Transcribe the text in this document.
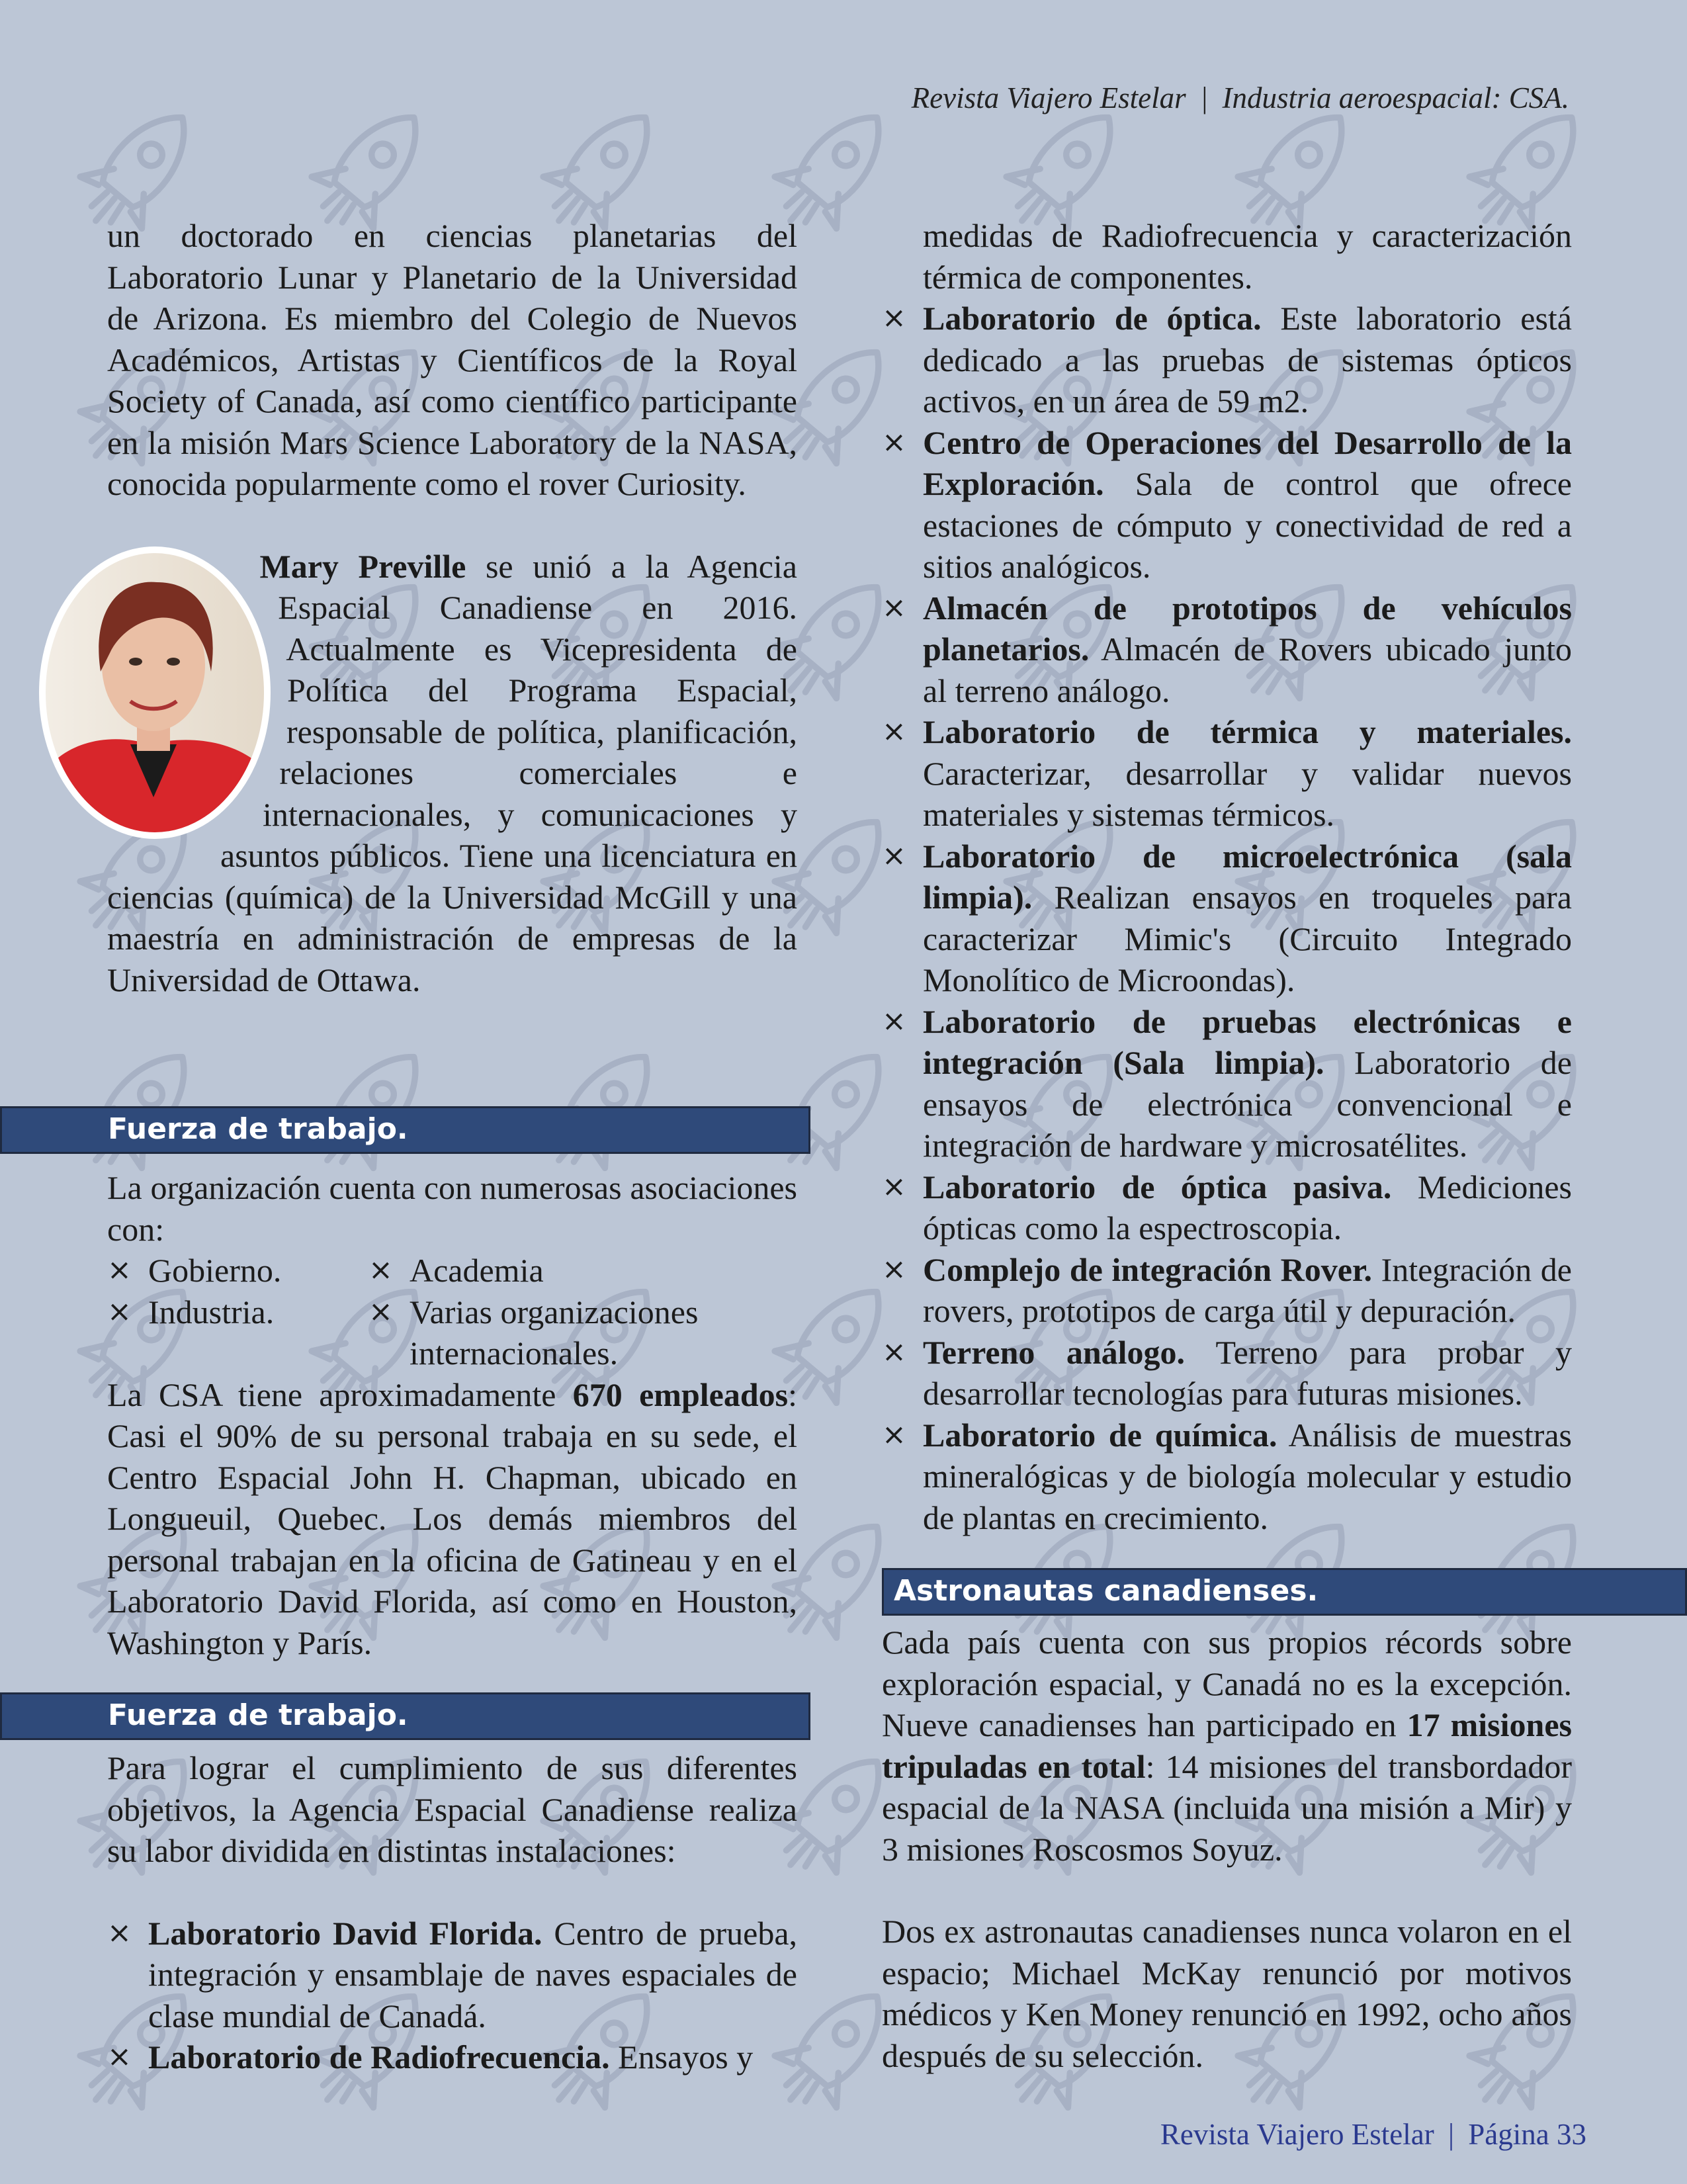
Revista Viajero Estelar | Industria aeroespacial: CSA.

un doctorado en ciencias planetarias del Laboratorio Lunar y Planetario de la Universidad de Arizona. Es miembro del Colegio de Nuevos Académicos, Artistas y Científicos de la Royal Society of Canada, así como científico participante en la misión Mars Science Laboratory de la NASA, conocida popularmente como el rover Curiosity.

Mary Preville se unió a la Agencia Espacial Canadiense en 2016. Actualmente es Vicepresidenta de Política del Programa Espacial, responsable de política, planificación, relaciones comerciales e internacionales, y comunicaciones y asuntos públicos. Tiene una licenciatura en ciencias (química) de la Universidad McGill y una maestría en administración de empresas de la Universidad de Ottawa.

Fuerza de trabajo.

La organización cuenta con numerosas asociaciones con:

⨯ Gobierno.
⨯ Industria.
⨯ Academia
⨯ Varias organizaciones internacionales.

La CSA tiene aproximadamente 670 empleados: Casi el 90% de su personal trabaja en su sede, el Centro Espacial John H. Chapman, ubicado en Longueuil, Quebec. Los demás miembros del personal trabajan en la oficina de Gatineau y en el Laboratorio David Florida, así como en Houston, Washington y París.

Fuerza de trabajo.

Para lograr el cumplimiento de sus diferentes objetivos, la Agencia Espacial Canadiense realiza su labor dividida en distintas instalaciones:

⨯ Laboratorio David Florida. Centro de prueba, integración y ensamblaje de naves espaciales de clase mundial de Canadá.
⨯ Laboratorio de Radiofrecuencia. Ensayos y

medidas de Radiofrecuencia y caracterización térmica de componentes.

⨯ Laboratorio de óptica. Este laboratorio está dedicado a las pruebas de sistemas ópticos activos, en un área de 59 m2.
⨯ Centro de Operaciones del Desarrollo de la Exploración. Sala de control que ofrece estaciones de cómputo y conectividad de red a sitios analógicos.
⨯ Almacén de prototipos de vehículos planetarios. Almacén de Rovers ubicado junto al terreno análogo.
⨯ Laboratorio de térmica y materiales. Caracterizar, desarrollar y validar nuevos materiales y sistemas térmicos.
⨯ Laboratorio de microelectrónica (sala limpia). Realizan ensayos en troqueles para caracterizar Mimic's (Circuito Integrado Monolítico de Microondas).
⨯ Laboratorio de pruebas electrónicas e integración (Sala limpia). Laboratorio de ensayos de electrónica convencional e integración de hardware y microsatélites.
⨯ Laboratorio de óptica pasiva. Mediciones ópticas como la espectroscopia.
⨯ Complejo de integración Rover. Integración de rovers, prototipos de carga útil y depuración.
⨯ Terreno análogo. Terreno para probar y desarrollar tecnologías para futuras misiones.
⨯ Laboratorio de química. Análisis de muestras mineralógicas y de biología molecular y estudio de plantas en crecimiento.
Astronautas canadienses.

Cada país cuenta con sus propios récords sobre exploración espacial, y Canadá no es la excepción. Nueve canadienses han participado en 17 misiones tripuladas en total: 14 misiones del transbordador espacial de la NASA (incluida una misión a Mir) y 3 misiones Roscosmos Soyuz.

Dos ex astronautas canadienses nunca volaron en el espacio; Michael McKay renunció por motivos médicos y Ken Money renunció en 1992, ocho años después de su selección.

Revista Viajero Estelar | Página 33
